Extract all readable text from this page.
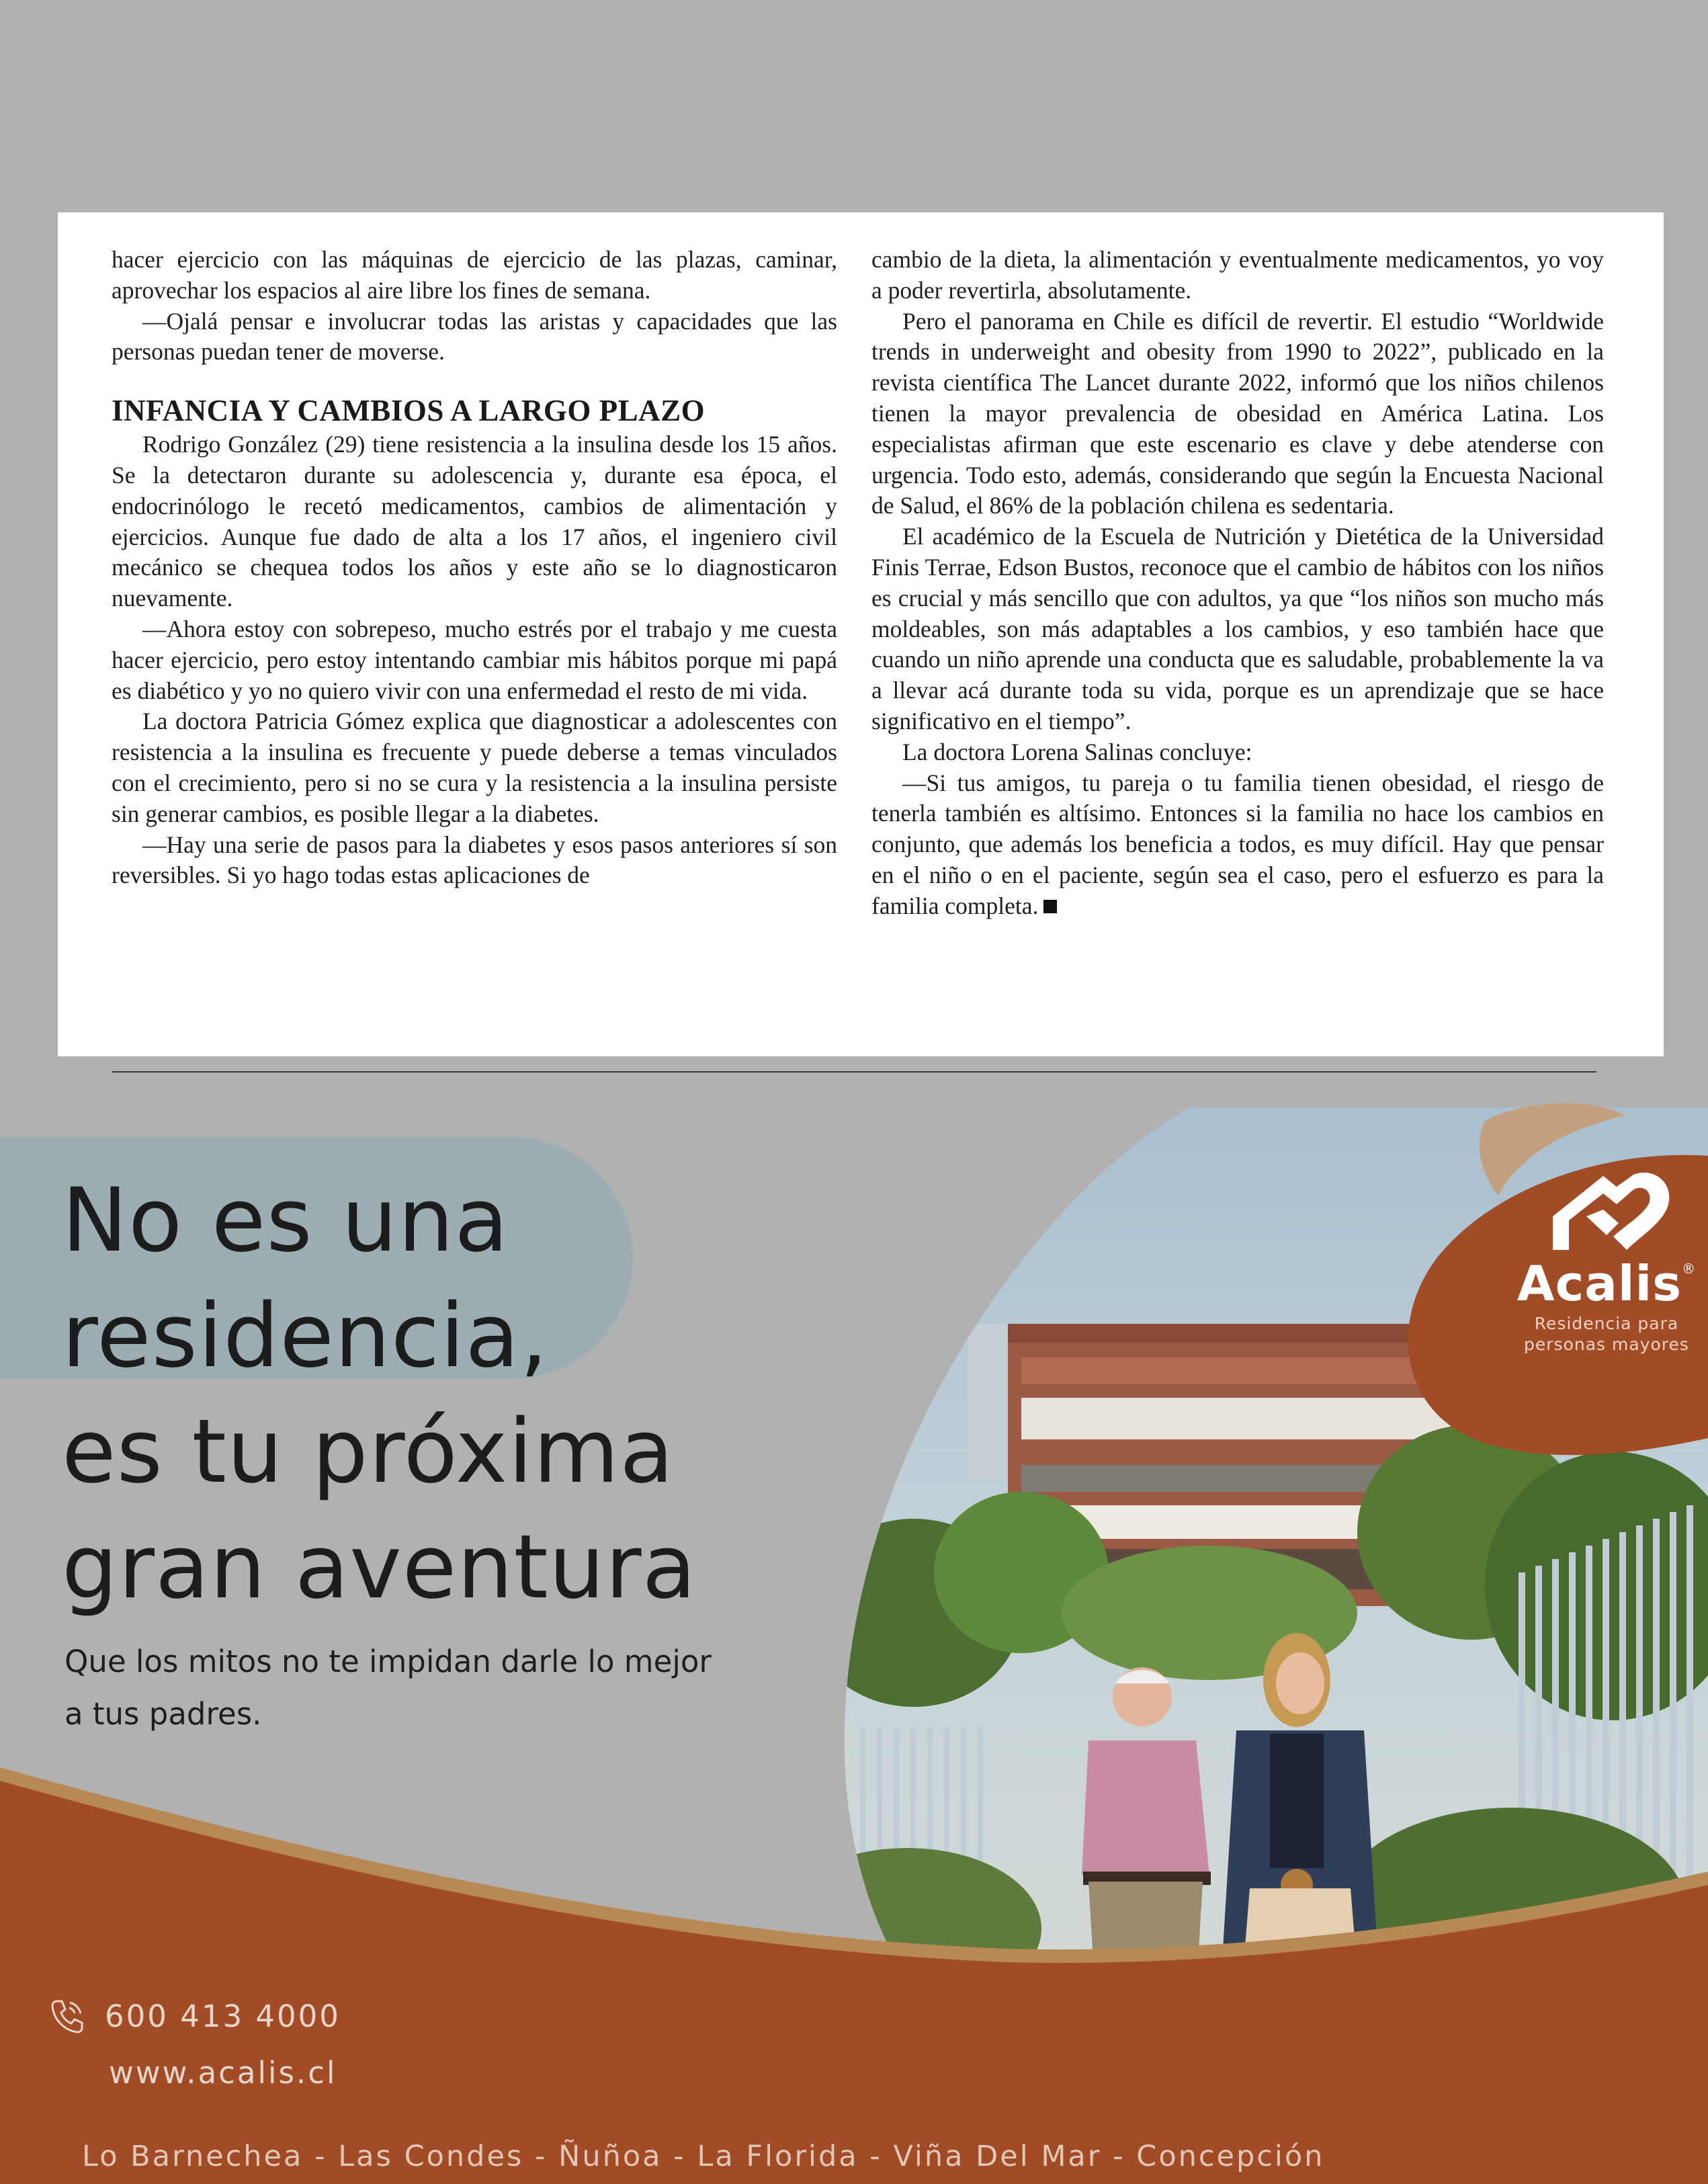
hacer ejercicio con las máquinas de ejercicio de las plazas, caminar, aprovechar los espacios al aire libre los fines de semana.

—Ojalá pensar e involucrar todas las aristas y capacidades que las personas puedan tener de moverse.

INFANCIA Y CAMBIOS A LARGO PLAZO

Rodrigo González (29) tiene resistencia a la insulina desde los 15 años. Se la detectaron durante su adolescencia y, durante esa época, el endocrinólogo le recetó medicamentos, cambios de alimentación y ejercicios. Aunque fue dado de alta a los 17 años, el ingeniero civil mecánico se chequea todos los años y este año se lo diagnosticaron nuevamente.

—Ahora estoy con sobrepeso, mucho estrés por el trabajo y me cuesta hacer ejercicio, pero estoy intentando cambiar mis hábitos porque mi papá es diabético y yo no quiero vivir con una enfermedad el resto de mi vida.

La doctora Patricia Gómez explica que diagnosticar a adolescentes con resistencia a la insulina es frecuente y puede deberse a temas vinculados con el crecimiento, pero si no se cura y la resistencia a la insulina persiste sin generar cambios, es posible llegar a la diabetes.

—Hay una serie de pasos para la diabetes y esos pasos anteriores sí son reversibles. Si yo hago todas estas aplicaciones de

cambio de la dieta, la alimentación y eventualmente medicamentos, yo voy a poder revertirla, absolutamente.

Pero el panorama en Chile es difícil de revertir. El estudio “Worldwide trends in underweight and obesity from 1990 to 2022”, publicado en la revista científica The Lancet durante 2022, informó que los niños chilenos tienen la mayor prevalencia de obesidad en América Latina. Los especialistas afirman que este escenario es clave y debe atenderse con urgencia. Todo esto, además, considerando que según la Encuesta Nacional de Salud, el 86% de la población chilena es sedentaria.

El académico de la Escuela de Nutrición y Dietética de la Universidad Finis Terrae, Edson Bustos, reconoce que el cambio de hábitos con los niños es crucial y más sencillo que con adultos, ya que “los niños son mucho más moldeables, son más adaptables a los cambios, y eso también hace que cuando un niño aprende una conducta que es saludable, probablemente la va a llevar acá durante toda su vida, porque es un aprendizaje que se hace significativo en el tiempo”.

La doctora Lorena Salinas concluye:

—Si tus amigos, tu pareja o tu familia tienen obesidad, el riesgo de tenerla también es altísimo. Entonces si la familia no hace los cambios en conjunto, que además los beneficia a todos, es muy difícil. Hay que pensar en el niño o en el paciente, según sea el caso, pero el esfuerzo es para la familia completa.

No es una
residencia,
es tu próxima
gran aventura
Que los mitos no te impidan darle lo mejor
a tus padres.
Acalis®
Residencia para
personas mayores
600 413 4000
www.acalis.cl
Lo Barnechea - Las Condes - Ñuñoa - La Florida - Viña Del Mar - Concepción
